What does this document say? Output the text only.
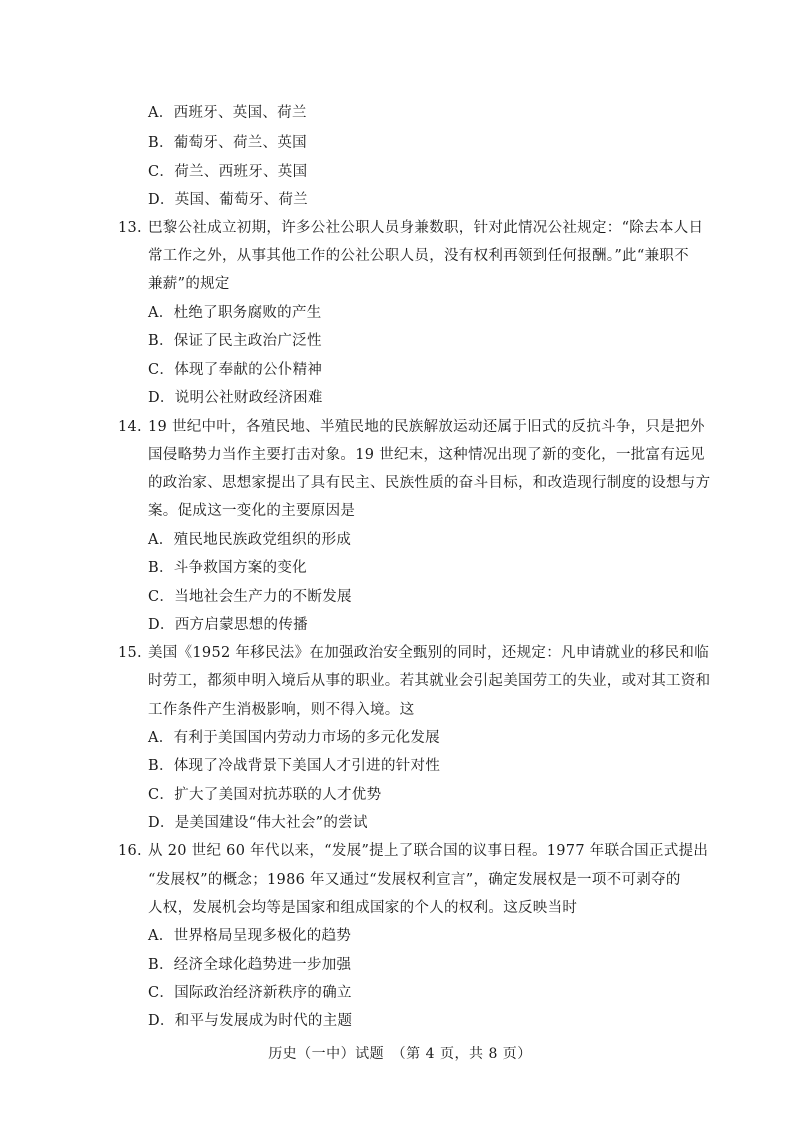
A．西班牙、英国、荷兰
B．葡萄牙、荷兰、英国
C．荷兰、西班牙、英国
D．英国、葡萄牙、荷兰
13. 巴黎公社成立初期，许多公社公职人员身兼数职，针对此情况公社规定：“除去本人日
常工作之外，从事其他工作的公社公职人员，没有权利再领到任何报酬。”此“兼职不
兼薪”的规定
A．杜绝了职务腐败的产生
B．保证了民主政治广泛性
C．体现了奉献的公仆精神
D．说明公社财政经济困难
14. 19 世纪中叶，各殖民地、半殖民地的民族解放运动还属于旧式的反抗斗争，只是把外
国侵略势力当作主要打击对象。19 世纪末，这种情况出现了新的变化，一批富有远见
的政治家、思想家提出了具有民主、民族性质的奋斗目标，和改造现行制度的设想与方
案。促成这一变化的主要原因是
A．殖民地民族政党组织的形成
B．斗争救国方案的变化
C．当地社会生产力的不断发展
D．西方启蒙思想的传播
15. 美国《1952 年移民法》在加强政治安全甄别的同时，还规定：凡申请就业的移民和临
时劳工，都须申明入境后从事的职业。若其就业会引起美国劳工的失业，或对其工资和
工作条件产生消极影响，则不得入境。这
A．有利于美国国内劳动力市场的多元化发展
B．体现了冷战背景下美国人才引进的针对性
C．扩大了美国对抗苏联的人才优势
D．是美国建设“伟大社会”的尝试
16. 从 20 世纪 60 年代以来，“发展”提上了联合国的议事日程。1977 年联合国正式提出
“发展权”的概念；1986 年又通过“发展权利宣言”，确定发展权是一项不可剥夺的
人权，发展机会均等是国家和组成国家的个人的权利。这反映当时
A．世界格局呈现多极化的趋势
B．经济全球化趋势进一步加强
C．国际政治经济新秩序的确立
D．和平与发展成为时代的主题
历史（一中）试题　（第 4 页，共 8 页）
